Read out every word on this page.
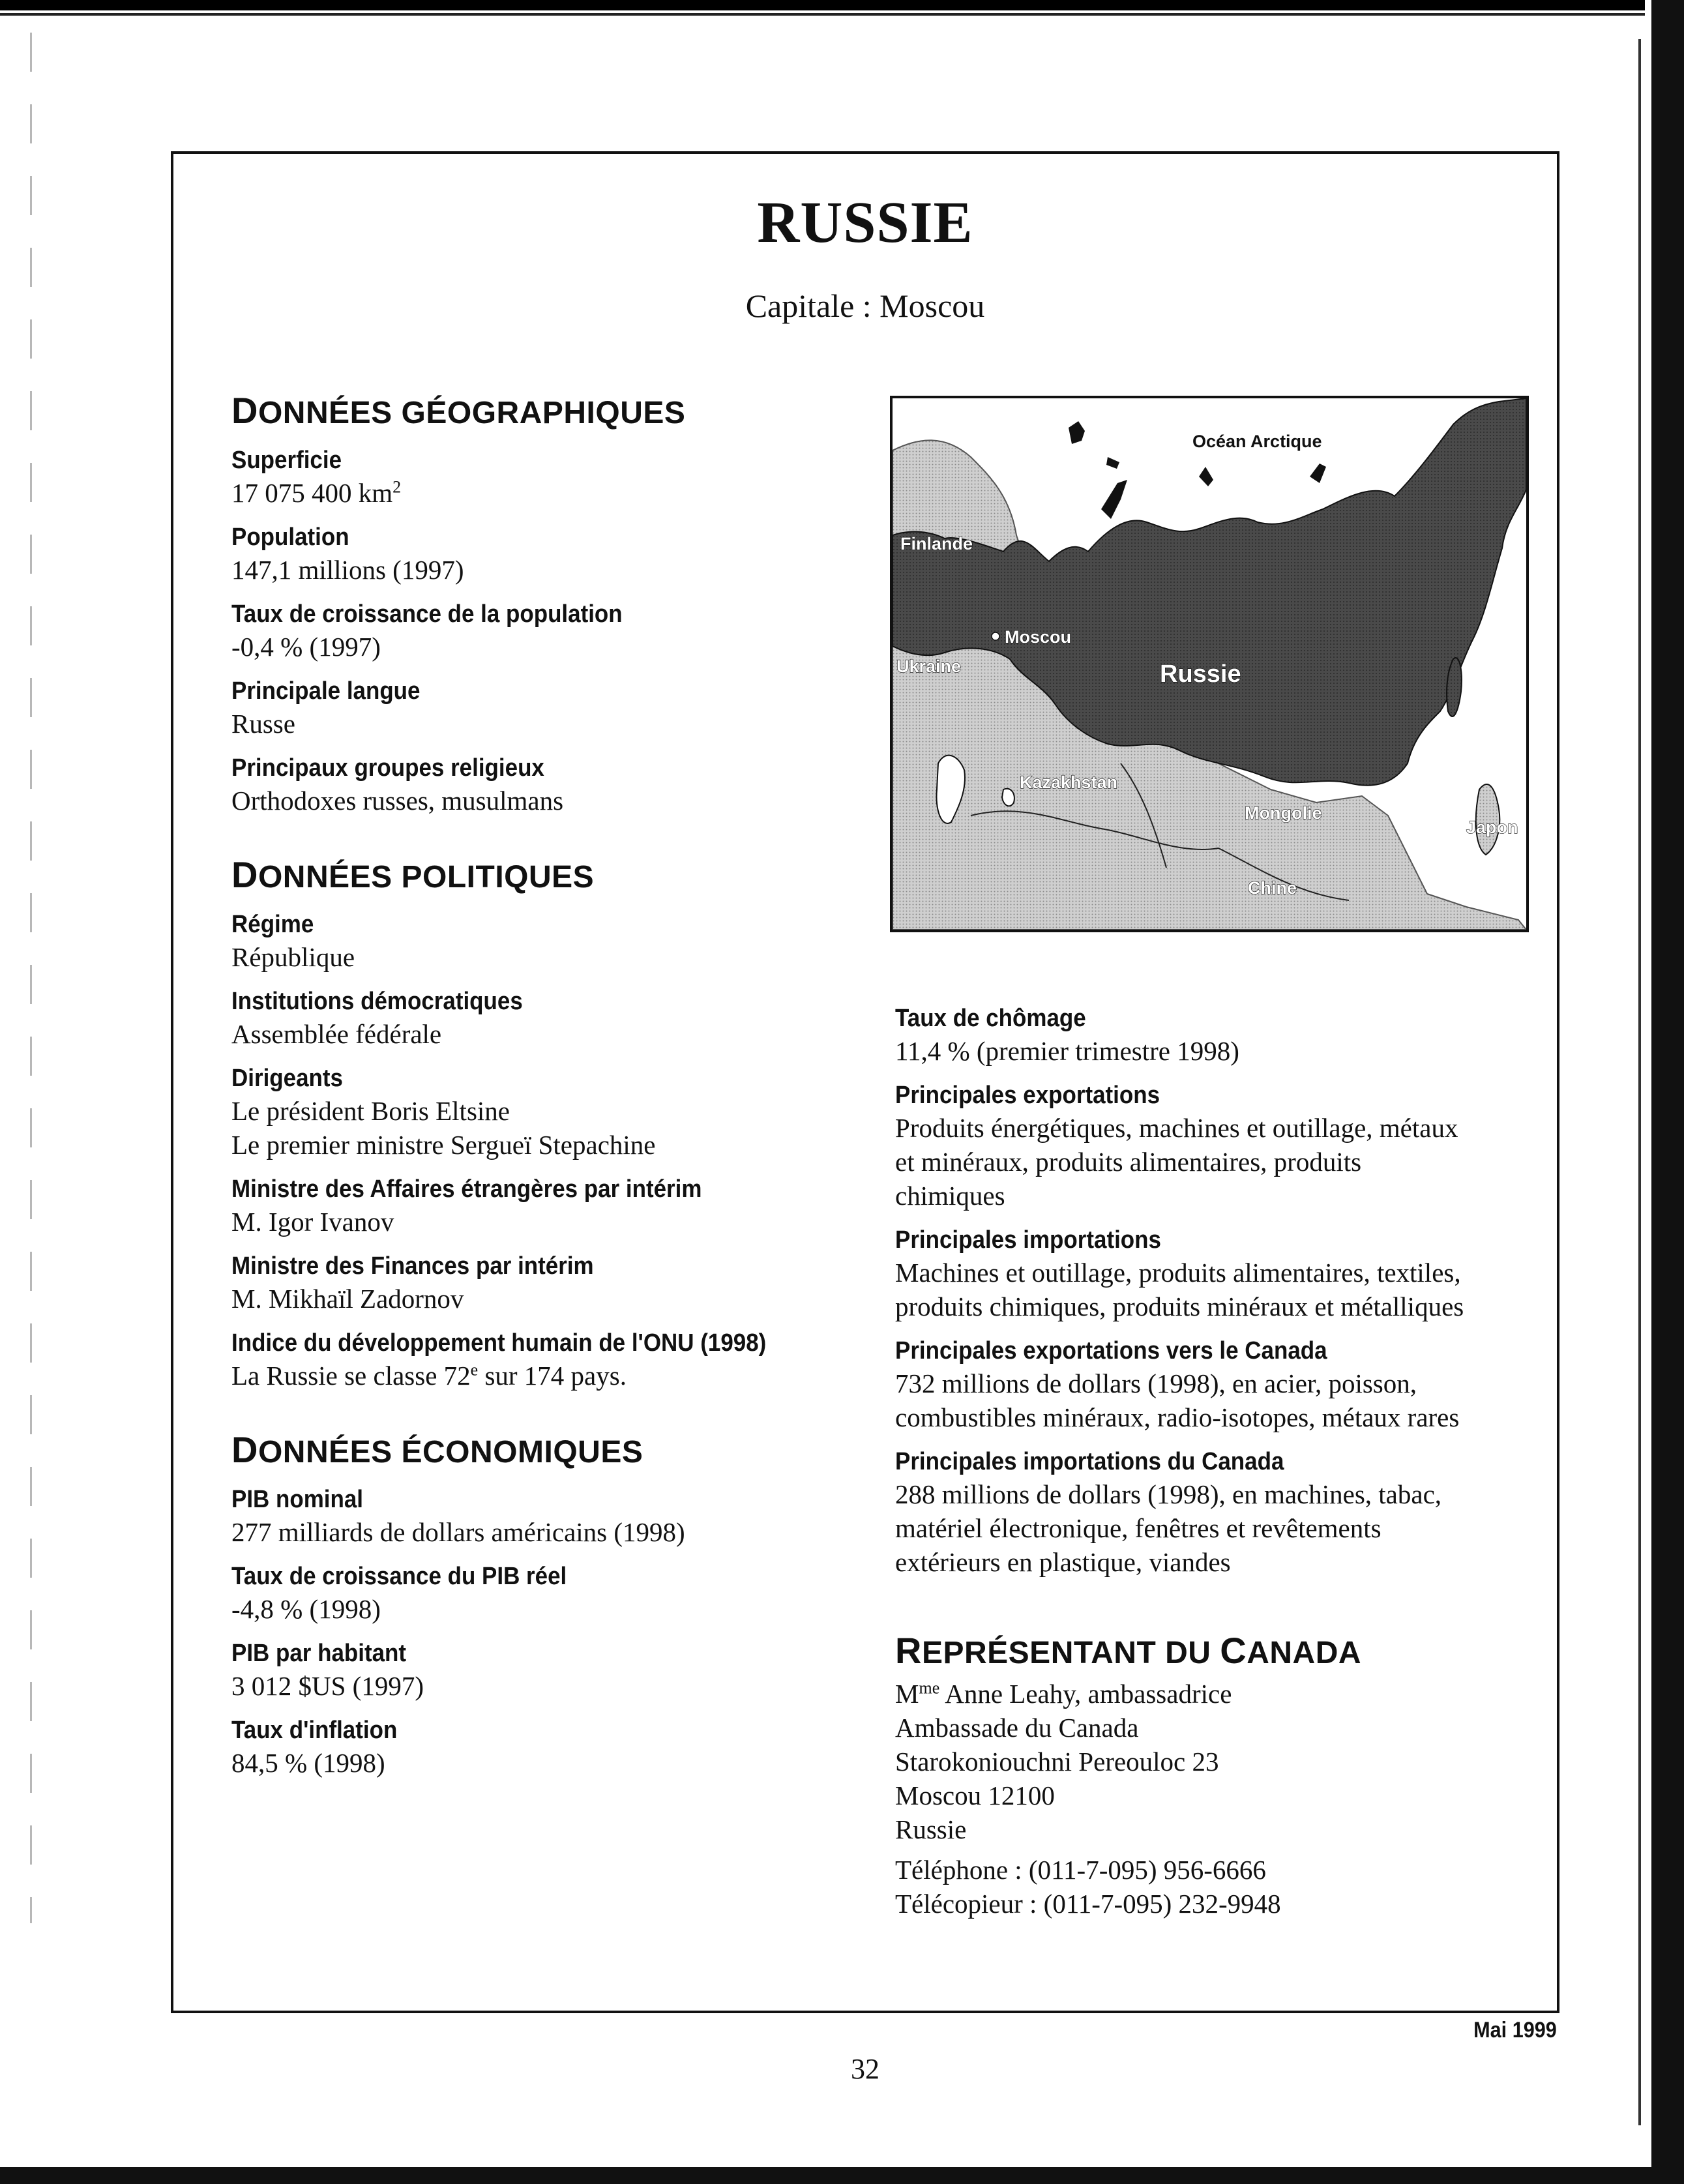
RUSSIE
Capitale : Moscou
DONNÉES GÉOGRAPHIQUES
Superficie
17 075 400 $km^2$
Population
147,1 millions (1997)
Taux de croissance de la population
-0,4 % (1997)
Principale langue
Russe
Principaux groupes religieux
Orthodoxes russes, musulmans
DONNÉES POLITIQUES
Régime
République
Institutions démocratiques
Assemblée fédérale
Dirigeants
Le président Boris Eltsine
Le premier ministre Sergueï Stepachine
Ministre des Affaires étrangères par intérim
M. Igor Ivanov
Ministre des Finances par intérim
M. Mikhaïl Zadornov
Indice du développement humain de l'ONU (1998)
La Russie se classe 72e sur 174 pays.
DONNÉES ÉCONOMIQUES
PIB nominal
277 milliards de dollars américains (1998)
Taux de croissance du PIB réel
-4,8 % (1998)
PIB par habitant
3 012 $US (1997)
Taux d'inflation
84,5 % (1998)
Océan Arctique
Finlande
Moscou
Ukraine	Russie
Kazakhstan
Mongolie
Chine
Japon
Taux de chômage
11,4 % (premier trimestre 1998)
Principales exportations
Produits énergétiques, machines et outillage, métaux
et minéraux, produits alimentaires, produits
chimiques
Principales importations
Machines et outillage, produits alimentaires, textiles,
produits chimiques, produits minéraux et métalliques
Principales exportations vers le Canada
732 millions de dollars (1998), en acier, poisson,
combustibles minéraux, radio-isotopes, métaux rares
Principales importations du Canada
288 millions de dollars (1998), en machines, tabac,
matériel électronique, fenêtres et revêtements
extérieurs en plastique, viandes
REPRÉSENTANT DU CANADA
$M^{me}$ Anne Leahy, ambassadrice
Ambassade du Canada
Starokoniouchni Pereouloc 23
Moscou 12100
Russie
Téléphone : (011-7-095) 956-6666
Télécopieur : (011-7-095) 232-9948
Mai 1999
32
